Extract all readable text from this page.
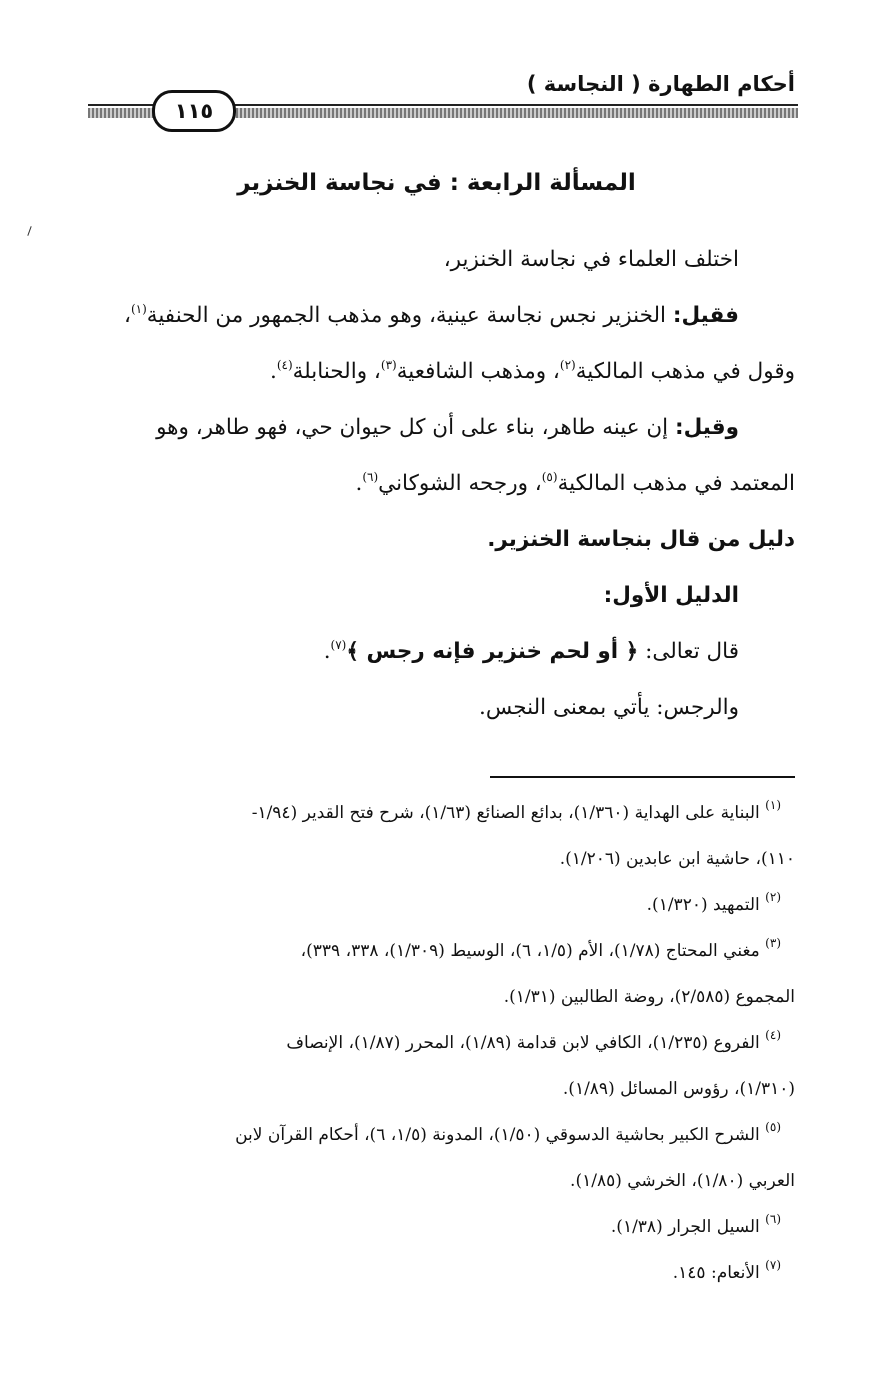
أحكام الطهارة ( النجاسة )
١١٥
المسألة الرابعة : في نجاسة الخنزير
اختلف العلماء في نجاسة الخنزير،
فقيل: الخنزير نجس نجاسة عينية، وهو مذهب الجمهور من الحنفية$^{(١)}$،
وقول في مذهب المالكية$^{(٢)}$، ومذهب الشافعية$^{(٣)}$، والحنابلة$^{(٤)}$.
وقيل: إن عينه طاهر، بناء على أن كل حيوان حي، فهو طاهر، وهو
المعتمد في مذهب المالكية$^{(٥)}$، ورجحه الشوكاني$^{(٦)}$.
دليل من قال بنجاسة الخنزير.
الدليل الأول:
قال تعالى: ﴿ أو لحم خنزير فإنه رجس ﴾$^{(٧)}$.
والرجس: يأتي بمعنى النجس.
$^{(١)}$ البناية على الهداية (١/٣٦٠)، بدائع الصنائع (١/٦٣)، شرح فتح القدير (١/٩٤-
١١٠)، حاشية ابن عابدين (١/٢٠٦).
$^{(٢)}$ التمهيد (١/٣٢٠).
$^{(٣)}$ مغني المحتاج (١/٧٨)، الأم (١/٥، ٦)، الوسيط (١/٣٠٩)، ٣٣٨، ٣٣٩)،
المجموع (٢/٥٨٥)، روضة الطالبين (١/٣١).
$^{(٤)}$ الفروع (١/٢٣٥)، الكافي لابن قدامة (١/٨٩)، المحرر (١/٨٧)، الإنصاف
(١/٣١٠)، رؤوس المسائل (١/٨٩).
$^{(٥)}$ الشرح الكبير بحاشية الدسوقي (١/٥٠)، المدونة (١/٥، ٦)، أحكام القرآن لابن
العربي (١/٨٠)، الخرشي (١/٨٥).
$^{(٦)}$ السيل الجرار (١/٣٨).
$^{(٧)}$ الأنعام: ١٤٥.
